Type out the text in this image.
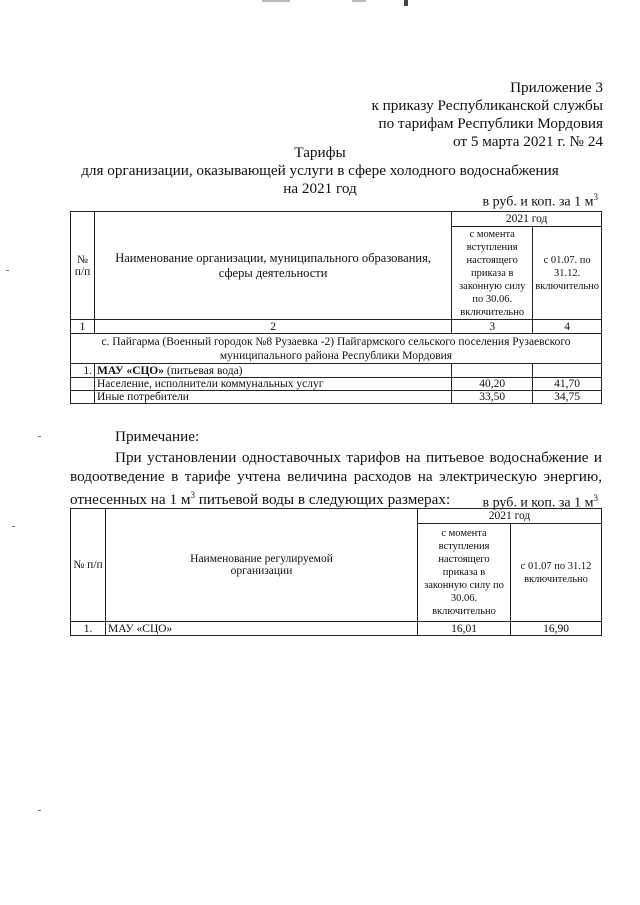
Приложение 3
к приказу Республиканской службы
по тарифам Республики Мордовия
от 5 марта 2021 г. № 24
Тарифы
для организации, оказывающей услуги в сфере холодного водоснабжения
на 2021 год
в руб. и коп. за 1 $м^3$
№ п/п	Наименование организации, муниципального образования, сферы деятельности	2021 год	
		с момента вступления настоящего приказа в законную силу по 30.06. включительно	с 01.07. по 31.12. включительно
1	2	3	4
с. Пайгарма (Военный городок №8 Рузаевка -2) Пайгармского сельского поселения Рузаевского муниципального района Республики Мордовия			
1.	МАУ «СЦО» (питьевая вода)		
	Население, исполнители коммунальных услуг	40,20	41,70
	Иные потребители	33,50	34,75
Примечание:
При установлении одноставочных тарифов на питьевое водоснабжение и водоотведение в тарифе учтена величина расходов на электрическую энергию, отнесенных на 1 $м^3$ питьевой воды в следующих размерах:	в руб. и коп. за 1 $м^3$
№ п/п	Наименование регулируемой организации	2021 год	
		с момента вступления настоящего приказа в законную силу по 30.06. включительно	с 01.07 по 31.12 включительно
1.	МАУ «СЦО»	16,01	16,90
